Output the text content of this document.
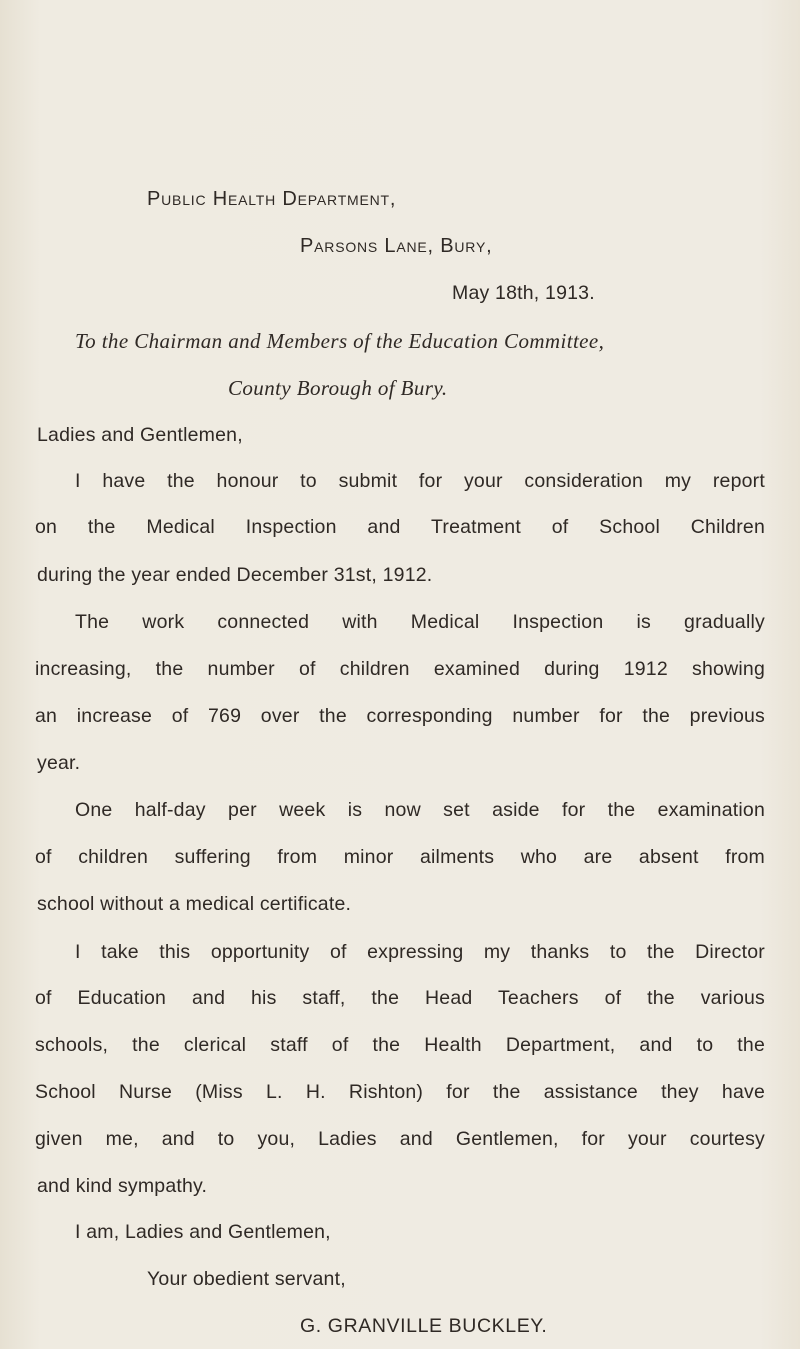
Public Health Department,
Parsons Lane, Bury,
May 18th, 1913.
To the Chairman and Members of the Education Committee,
County Borough of Bury.
Ladies and Gentlemen,
I have the honour to submit for your consideration my report
on the Medical Inspection and Treatment of School Children
during the year ended December 31st, 1912.
The work connected with Medical Inspection is gradually
increasing, the number of children examined during 1912 showing
an increase of 769 over the corresponding number for the previous
year.
One half-day per week is now set aside for the examination
of children suffering from minor ailments who are absent from
school without a medical certificate.
I take this opportunity of expressing my thanks to the Director
of Education and his staff, the Head Teachers of the various
schools, the clerical staff of the Health Department, and to the
School Nurse (Miss L. H. Rishton) for the assistance they have
given me, and to you, Ladies and Gentlemen, for your courtesy
and kind sympathy.
I am, Ladies and Gentlemen,
Your obedient servant,
G. GRANVILLE BUCKLEY.
